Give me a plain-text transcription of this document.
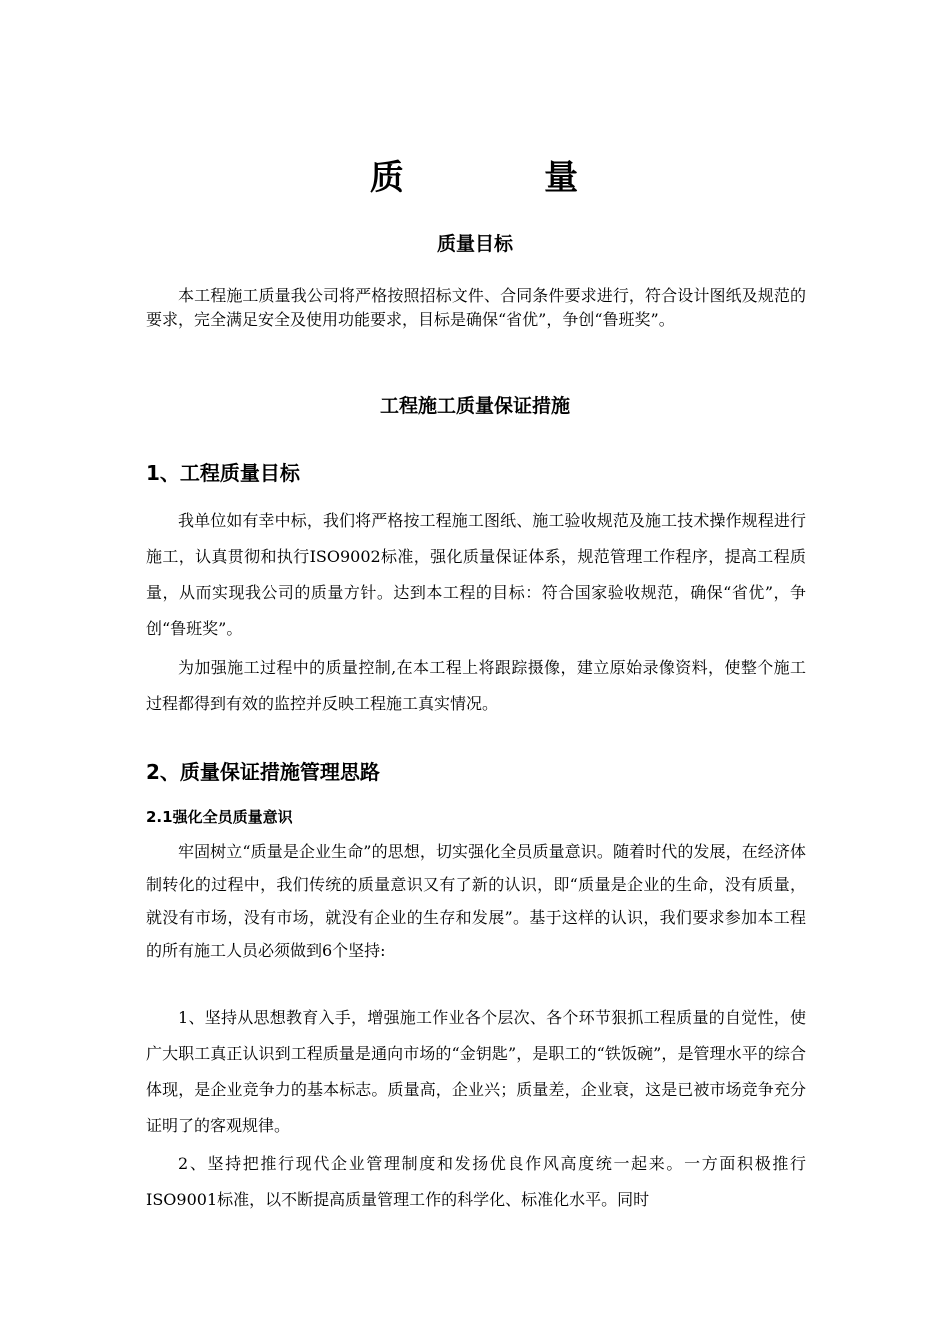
质          量
质量目标

本工程施工质量我公司将严格按照招标文件、合同条件要求进行，符合设计图纸及规范的要求，完全满足安全及使用功能要求，目标是确保“省优”，争创“鲁班奖”。

工程施工质量保证措施
1、工程质量目标

我单位如有幸中标，我们将严格按工程施工图纸、施工验收规范及施工技术操作规程进行施工，认真贯彻和执行ISO9002标准，强化质量保证体系，规范管理工作程序，提高工程质量，从而实现我公司的质量方针。达到本工程的目标：符合国家验收规范，确保“省优”，争创“鲁班奖”。

为加强施工过程中的质量控制,在本工程上将跟踪摄像，建立原始录像资料，使整个施工过程都得到有效的监控并反映工程施工真实情况。

2、质量保证措施管理思路
2.1强化全员质量意识

牢固树立“质量是企业生命”的思想，切实强化全员质量意识。随着时代的发展，在经济体制转化的过程中，我们传统的质量意识又有了新的认识，即“质量是企业的生命，没有质量，就没有市场，没有市场，就没有企业的生存和发展”。基于这样的认识，我们要求参加本工程的所有施工人员必须做到6个坚持:

1、坚持从思想教育入手，增强施工作业各个层次、各个环节狠抓工程质量的自觉性，使广大职工真正认识到工程质量是通向市场的“金钥匙”，是职工的“铁饭碗”，是管理水平的综合体现，是企业竞争力的基本标志。质量高，企业兴；质量差，企业衰，这是已被市场竞争充分证明了的客观规律。

2、坚持把推行现代企业管理制度和发扬优良作风高度统一起来。一方面积极推行ISO9001标准，以不断提高质量管理工作的科学化、标准化水平。同时
